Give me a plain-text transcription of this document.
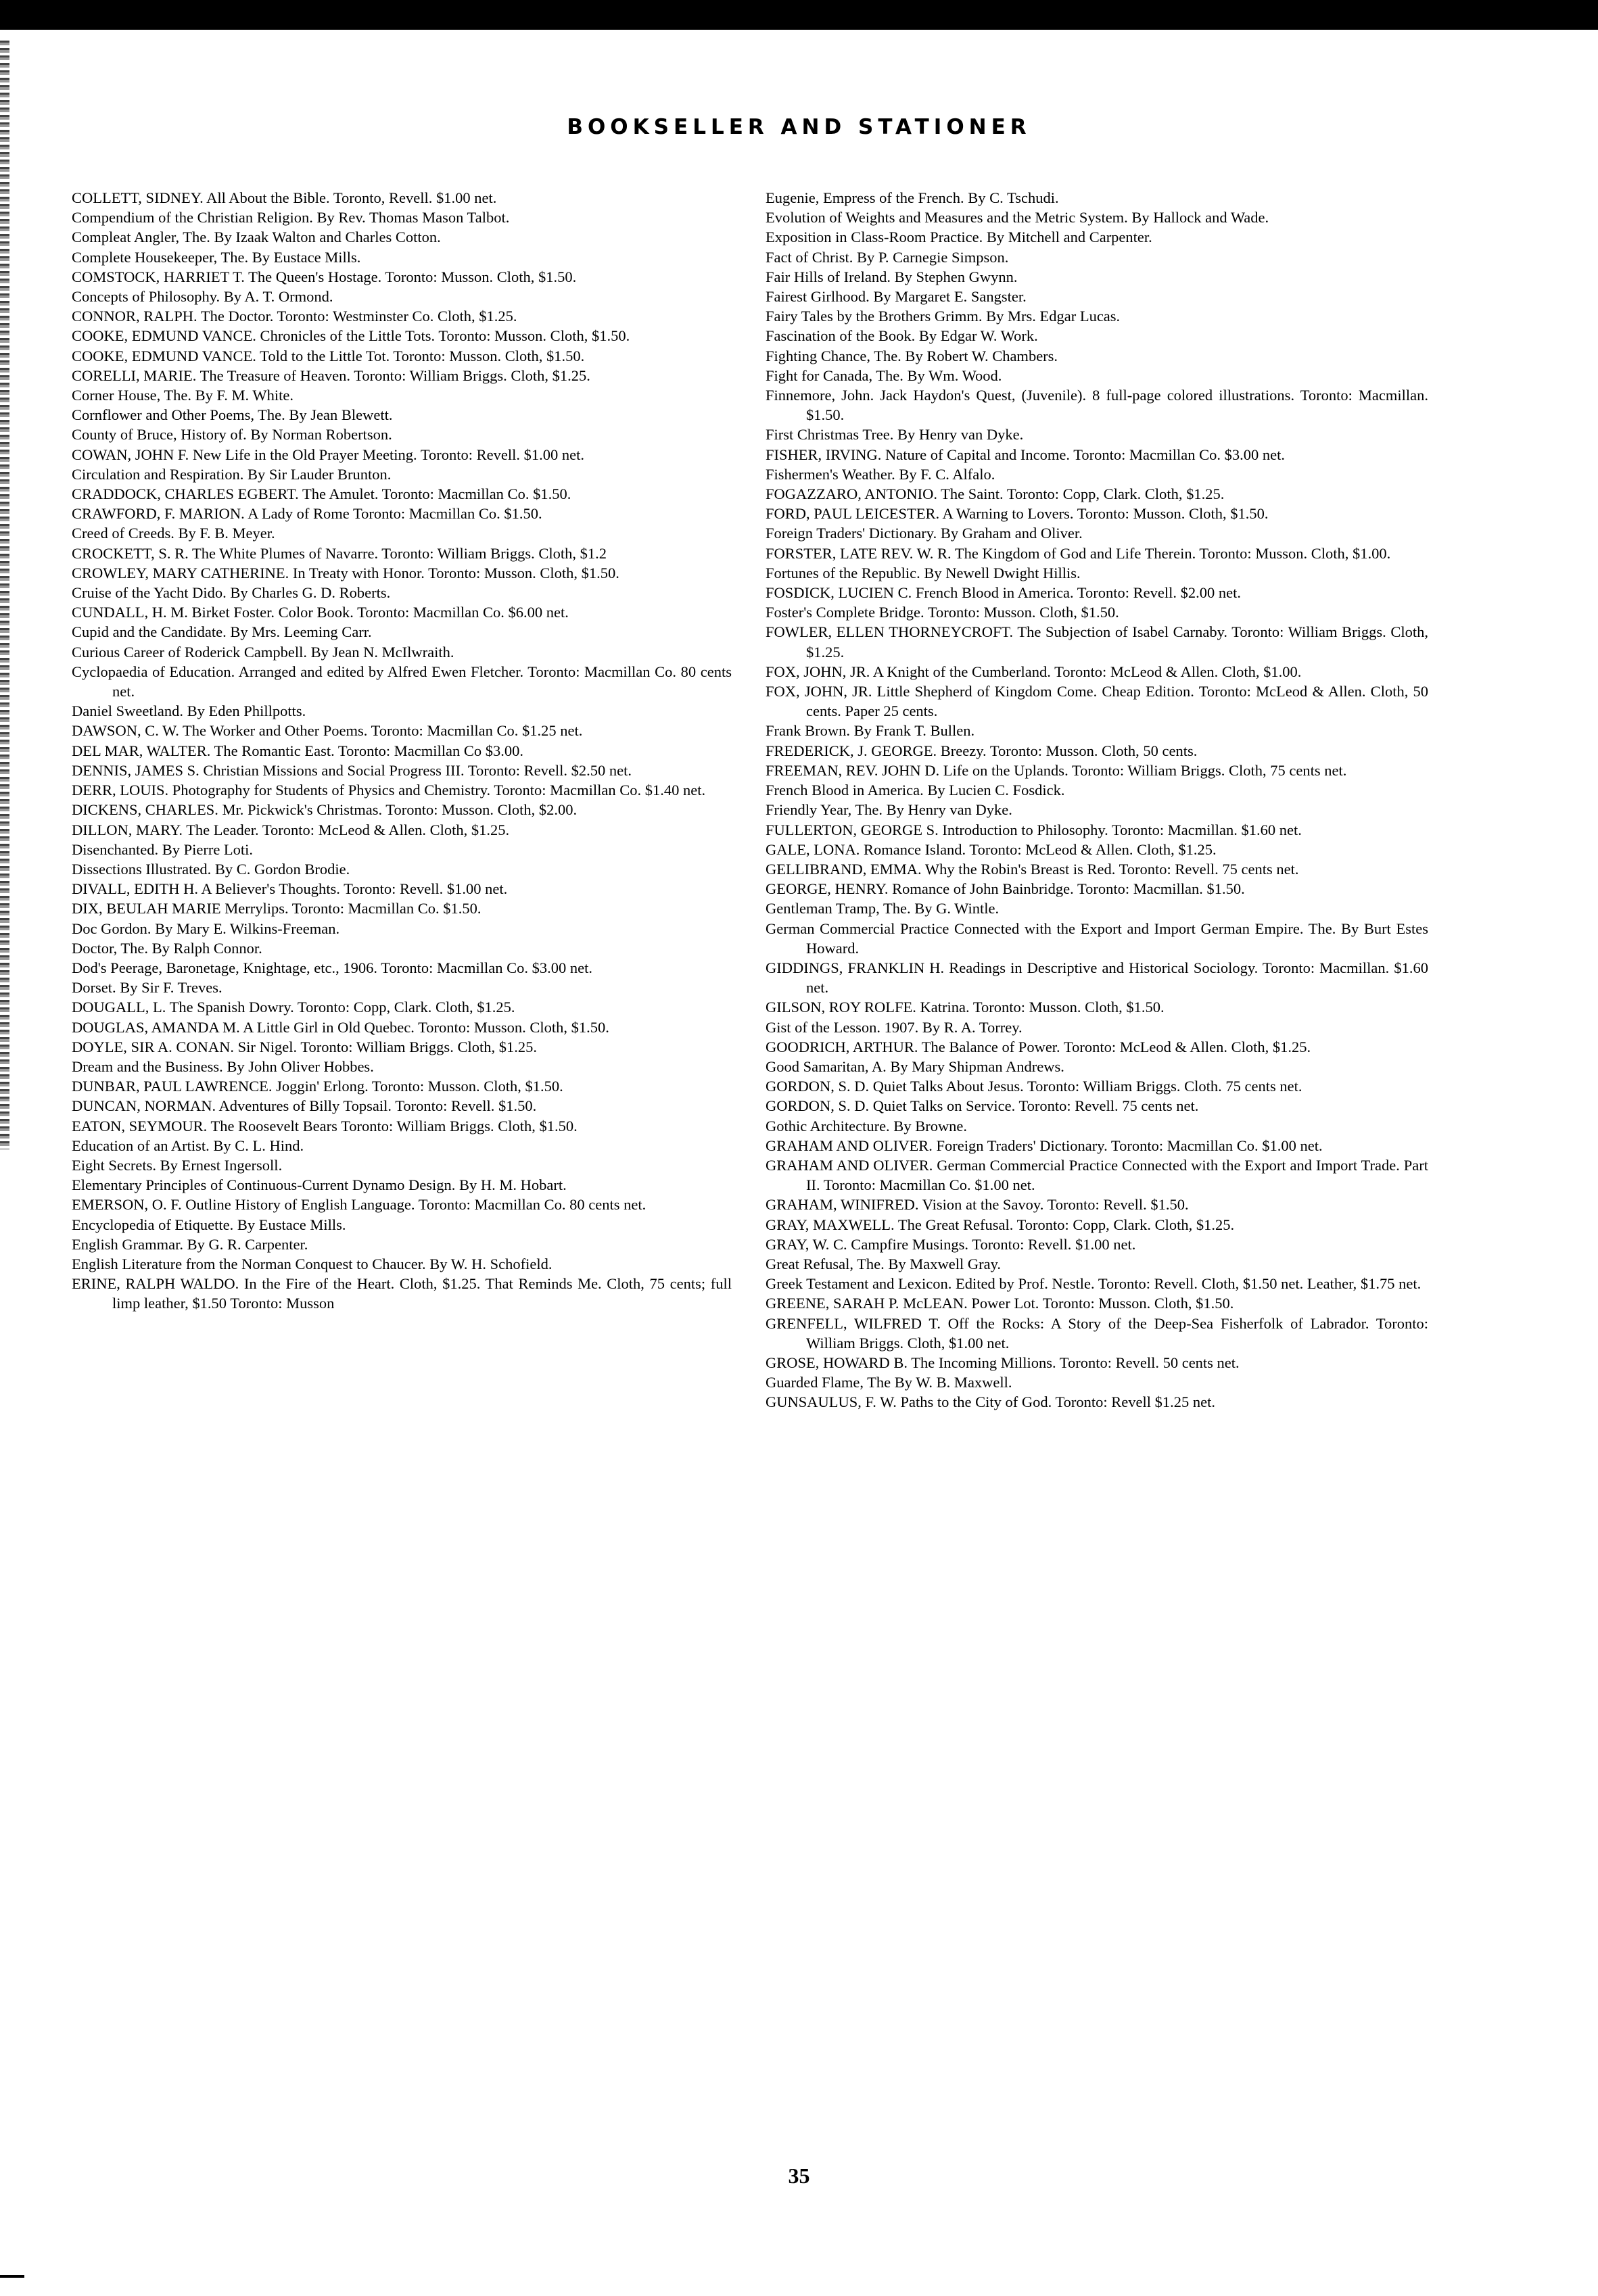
BOOKSELLER AND STATIONER

COLLETT, SIDNEY. All About the Bible. Toronto, Revell. $1.00 net.

Compendium of the Christian Religion. By Rev. Thomas Mason Talbot.

Compleat Angler, The. By Izaak Walton and Charles Cotton.

Complete Housekeeper, The. By Eustace Mills.

COMSTOCK, HARRIET T. The Queen's Hostage. Toronto: Musson. Cloth, $1.50.

Concepts of Philosophy. By A. T. Ormond.

CONNOR, RALPH. The Doctor. Toronto: Westminster Co. Cloth, $1.25.

COOKE, EDMUND VANCE. Chronicles of the Little Tots. Toronto: Musson. Cloth, $1.50.

COOKE, EDMUND VANCE. Told to the Little Tot. Toronto: Musson. Cloth, $1.50.

CORELLI, MARIE. The Treasure of Heaven. Toronto: William Briggs. Cloth, $1.25.

Corner House, The. By F. M. White.

Cornflower and Other Poems, The. By Jean Blewett.

County of Bruce, History of. By Norman Robertson.

COWAN, JOHN F. New Life in the Old Prayer Meeting. Toronto: Revell. $1.00 net.

Circulation and Respiration. By Sir Lauder Brunton.

CRADDOCK, CHARLES EGBERT. The Amulet. Toronto: Macmillan Co. $1.50.

CRAWFORD, F. MARION. A Lady of Rome Toronto: Macmillan Co. $1.50.

Creed of Creeds. By F. B. Meyer.

CROCKETT, S. R. The White Plumes of Navarre. Toronto: William Briggs. Cloth, $1.2

CROWLEY, MARY CATHERINE. In Treaty with Honor. Toronto: Musson. Cloth, $1.50.

Cruise of the Yacht Dido. By Charles G. D. Roberts.

CUNDALL, H. M. Birket Foster. Color Book. Toronto: Macmillan Co. $6.00 net.

Cupid and the Candidate. By Mrs. Leeming Carr.

Curious Career of Roderick Campbell. By Jean N. McIlwraith.

Cyclopaedia of Education. Arranged and edited by Alfred Ewen Fletcher. Toronto: Macmillan Co. 80 cents net.

Daniel Sweetland. By Eden Phillpotts.

DAWSON, C. W. The Worker and Other Poems. Toronto: Macmillan Co. $1.25 net.

DEL MAR, WALTER. The Romantic East. Toronto: Macmillan Co $3.00.

DENNIS, JAMES S. Christian Missions and Social Progress III. Toronto: Revell. $2.50 net.

DERR, LOUIS. Photography for Students of Physics and Chemistry. Toronto: Macmillan Co. $1.40 net.

DICKENS, CHARLES. Mr. Pickwick's Christmas. Toronto: Musson. Cloth, $2.00.

DILLON, MARY. The Leader. Toronto: McLeod & Allen. Cloth, $1.25.

Disenchanted. By Pierre Loti.

Dissections Illustrated. By C. Gordon Brodie.

DIVALL, EDITH H. A Believer's Thoughts. Toronto: Revell. $1.00 net.

DIX, BEULAH MARIE Merrylips. Toronto: Macmillan Co. $1.50.

Doc Gordon. By Mary E. Wilkins-Freeman.

Doctor, The. By Ralph Connor.

Dod's Peerage, Baronetage, Knightage, etc., 1906. Toronto: Macmillan Co. $3.00 net.

Dorset. By Sir F. Treves.

DOUGALL, L. The Spanish Dowry. Toronto: Copp, Clark. Cloth, $1.25.

DOUGLAS, AMANDA M. A Little Girl in Old Quebec. Toronto: Musson. Cloth, $1.50.

DOYLE, SIR A. CONAN. Sir Nigel. Toronto: William Briggs. Cloth, $1.25.

Dream and the Business. By John Oliver Hobbes.

DUNBAR, PAUL LAWRENCE. Joggin' Erlong. Toronto: Musson. Cloth, $1.50.

DUNCAN, NORMAN. Adventures of Billy Topsail. Toronto: Revell. $1.50.

EATON, SEYMOUR. The Roosevelt Bears Toronto: William Briggs. Cloth, $1.50.

Education of an Artist. By C. L. Hind.

Eight Secrets. By Ernest Ingersoll.

Elementary Principles of Continuous-Current Dynamo Design. By H. M. Hobart.

EMERSON, O. F. Outline History of English Language. Toronto: Macmillan Co. 80 cents net.

Encyclopedia of Etiquette. By Eustace Mills.

English Grammar. By G. R. Carpenter.

English Literature from the Norman Conquest to Chaucer. By W. H. Schofield.

ERINE, RALPH WALDO. In the Fire of the Heart. Cloth, $1.25. That Reminds Me. Cloth, 75 cents; full limp leather, $1.50 Toronto: Musson

Eugenie, Empress of the French. By C. Tschudi.

Evolution of Weights and Measures and the Metric System. By Hallock and Wade.

Exposition in Class-Room Practice. By Mitchell and Carpenter.

Fact of Christ. By P. Carnegie Simpson.

Fair Hills of Ireland. By Stephen Gwynn.

Fairest Girlhood. By Margaret E. Sangster.

Fairy Tales by the Brothers Grimm. By Mrs. Edgar Lucas.

Fascination of the Book. By Edgar W. Work.

Fighting Chance, The. By Robert W. Chambers.

Fight for Canada, The. By Wm. Wood.

Finnemore, John. Jack Haydon's Quest, (Juvenile). 8 full-page colored illustrations. Toronto: Macmillan. $1.50.

First Christmas Tree. By Henry van Dyke.

FISHER, IRVING. Nature of Capital and Income. Toronto: Macmillan Co. $3.00 net.

Fishermen's Weather. By F. C. Alfalo.

FOGAZZARO, ANTONIO. The Saint. Toronto: Copp, Clark. Cloth, $1.25.

FORD, PAUL LEICESTER. A Warning to Lovers. Toronto: Musson. Cloth, $1.50.

Foreign Traders' Dictionary. By Graham and Oliver.

FORSTER, LATE REV. W. R. The Kingdom of God and Life Therein. Toronto: Musson. Cloth, $1.00.

Fortunes of the Republic. By Newell Dwight Hillis.

FOSDICK, LUCIEN C. French Blood in America. Toronto: Revell. $2.00 net.

Foster's Complete Bridge. Toronto: Musson. Cloth, $1.50.

FOWLER, ELLEN THORNEYCROFT. The Subjection of Isabel Carnaby. Toronto: William Briggs. Cloth, $1.25.

FOX, JOHN, JR. A Knight of the Cumberland. Toronto: McLeod & Allen. Cloth, $1.00.

FOX, JOHN, JR. Little Shepherd of Kingdom Come. Cheap Edition. Toronto: McLeod & Allen. Cloth, 50 cents. Paper 25 cents.

Frank Brown. By Frank T. Bullen.

FREDERICK, J. GEORGE. Breezy. Toronto: Musson. Cloth, 50 cents.

FREEMAN, REV. JOHN D. Life on the Uplands. Toronto: William Briggs. Cloth, 75 cents net.

French Blood in America. By Lucien C. Fosdick.

Friendly Year, The. By Henry van Dyke.

FULLERTON, GEORGE S. Introduction to Philosophy. Toronto: Macmillan. $1.60 net.

GALE, LONA. Romance Island. Toronto: McLeod & Allen. Cloth, $1.25.

GELLIBRAND, EMMA. Why the Robin's Breast is Red. Toronto: Revell. 75 cents net.

GEORGE, HENRY. Romance of John Bainbridge. Toronto: Macmillan. $1.50.

Gentleman Tramp, The. By G. Wintle.

German Commercial Practice Connected with the Export and Import German Empire. The. By Burt Estes Howard.

GIDDINGS, FRANKLIN H. Readings in Descriptive and Historical Sociology. Toronto: Macmillan. $1.60 net.

GILSON, ROY ROLFE. Katrina. Toronto: Musson. Cloth, $1.50.

Gist of the Lesson. 1907. By R. A. Torrey.

GOODRICH, ARTHUR. The Balance of Power. Toronto: McLeod & Allen. Cloth, $1.25.

Good Samaritan, A. By Mary Shipman Andrews.

GORDON, S. D. Quiet Talks About Jesus. Toronto: William Briggs. Cloth. 75 cents net.

GORDON, S. D. Quiet Talks on Service. Toronto: Revell. 75 cents net.

Gothic Architecture. By Browne.

GRAHAM AND OLIVER. Foreign Traders' Dictionary. Toronto: Macmillan Co. $1.00 net.

GRAHAM AND OLIVER. German Commercial Practice Connected with the Export and Import Trade. Part II. Toronto: Macmillan Co. $1.00 net.

GRAHAM, WINIFRED. Vision at the Savoy. Toronto: Revell. $1.50.

GRAY, MAXWELL. The Great Refusal. Toronto: Copp, Clark. Cloth, $1.25.

GRAY, W. C. Campfire Musings. Toronto: Revell. $1.00 net.

Great Refusal, The. By Maxwell Gray.

Greek Testament and Lexicon. Edited by Prof. Nestle. Toronto: Revell. Cloth, $1.50 net. Leather, $1.75 net.

GREENE, SARAH P. McLEAN. Power Lot. Toronto: Musson. Cloth, $1.50.

GRENFELL, WILFRED T. Off the Rocks: A Story of the Deep-Sea Fisherfolk of Labrador. Toronto: William Briggs. Cloth, $1.00 net.

GROSE, HOWARD B. The Incoming Millions. Toronto: Revell. 50 cents net.

Guarded Flame, The By W. B. Maxwell.

GUNSAULUS, F. W. Paths to the City of God. Toronto: Revell $1.25 net.

35
